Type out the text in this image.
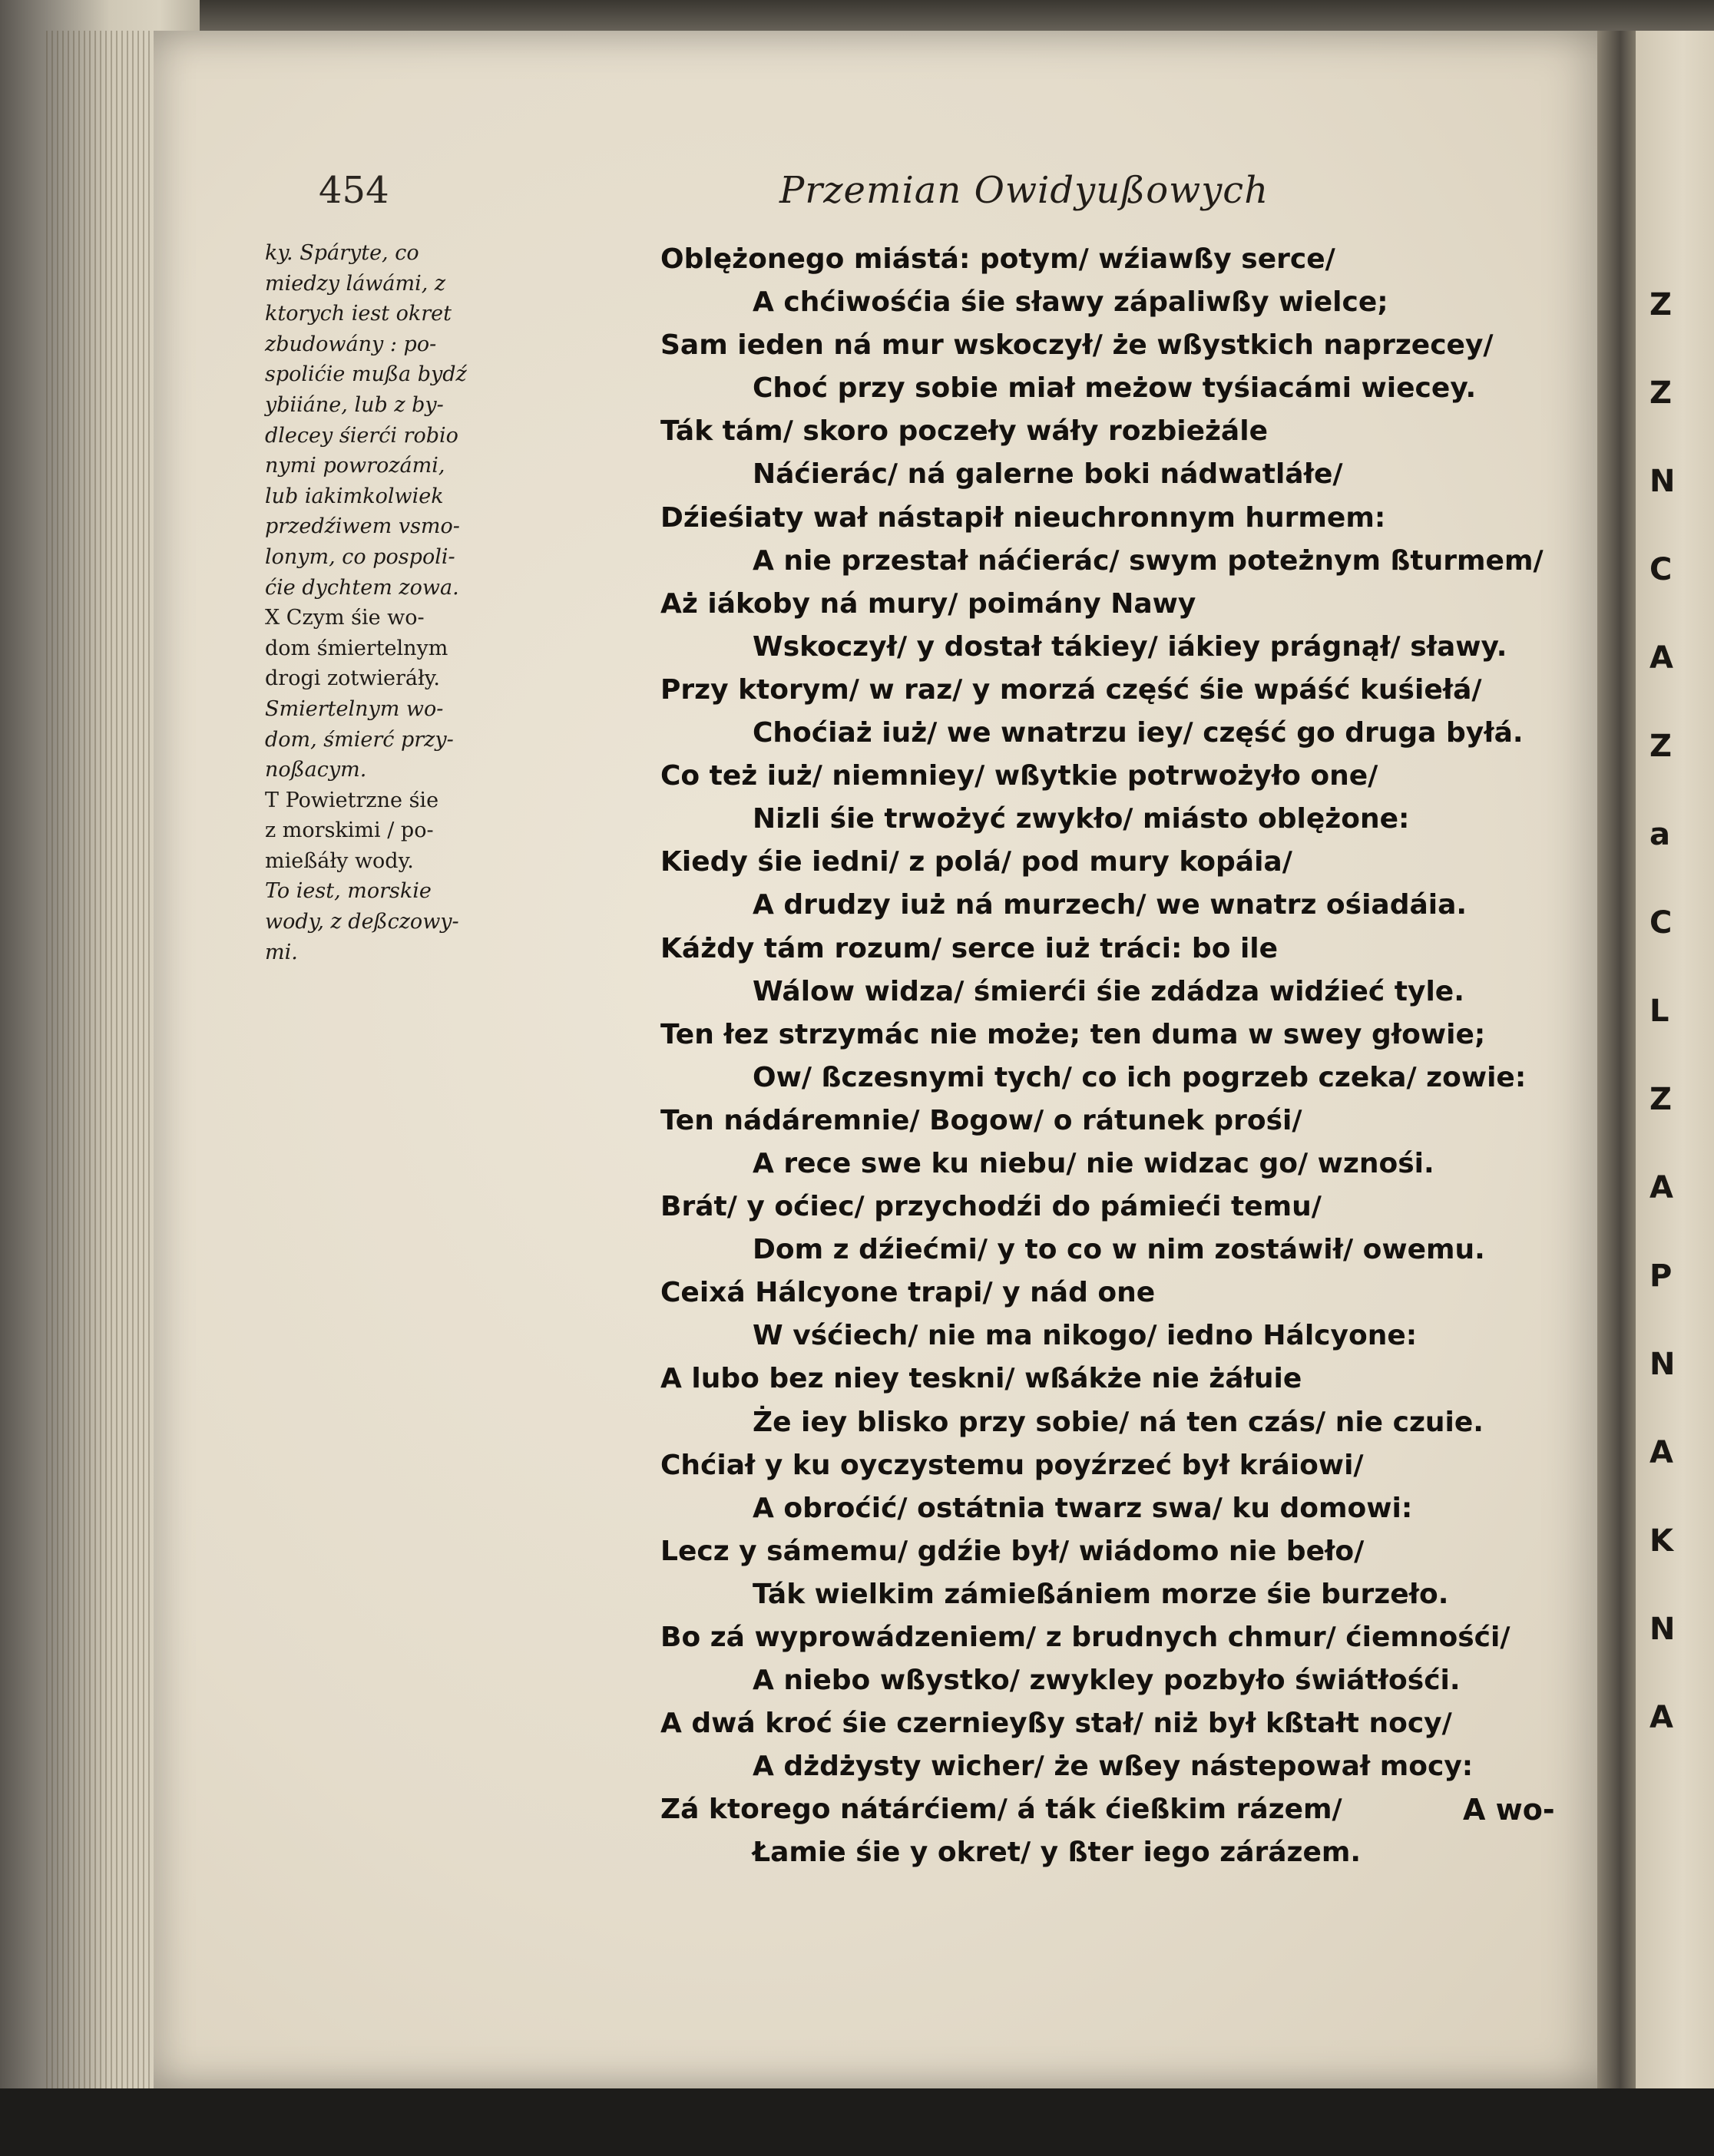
Z
Z
N
C
A
Z
a
C
L
Z
A
P
N
A
K
N
A
454	Przemian Owidyußowych
ky. Spáryte, co
miedzy láwámi, z
ktorych iest okret
zbudowány : po-
spolićie mußa bydź
ybiiáne, lub z by-
dlecey śierći robio
nymi powrozámi,
lub iakimkolwiek
przedźiwem vsmo-
lonym, co pospoli-
ćie dychtem zowa.
X Czym śie wo-
dom śmiertelnym
drogi zotwieráły.
Smiertelnym wo-
dom, śmierć przy-
noßacym.
T Powietrzne śie
z morskimi / po-
mießáły wody.
To iest, morskie
wody, z deßczowy-
mi.
Oblężonego miástá: potym/ wźiawßy serce/
A chćiwośćia śie sławy zápaliwßy wielce;
Sam ieden ná mur wskoczył/ że wßystkich naprzecey/
Choć przy sobie miał meżow tyśiacámi wiecey.
Ták tám/ skoro poczeły wáły rozbieżále
Náćierác/ ná galerne boki nádwatláłe/
Dźieśiaty wał nástapił nieuchronnym hurmem:
A nie przestał náćierác/ swym poteżnym ßturmem/
Aż iákoby ná mury/ poimány Nawy
Wskoczył/ y dostał tákiey/ iákiey prágnął/ sławy.
Przy ktorym/ w raz/ y morzá część śie wpáść kuśiełá/
Choćiaż iuż/ we wnatrzu iey/ część go druga byłá.
Co też iuż/ niemniey/ wßytkie potrwożyło one/
Nizli śie trwożyć zwykło/ miásto oblężone:
Kiedy śie iedni/ z polá/ pod mury kopáia/
A drudzy iuż ná murzech/ we wnatrz ośiadáia.
Káżdy tám rozum/ serce iuż tráci: bo ile
Wálow widza/ śmierći śie zdádza widźieć tyle.
Ten łez strzymác nie może; ten duma w swey głowie;
Ow/ ßczesnymi tych/ co ich pogrzeb czeka/ zowie:
Ten nádáremnie/ Bogow/ o rátunek prośi/
A rece swe ku niebu/ nie widzac go/ wznośi.
Brát/ y oćiec/ przychodźi do pámieći temu/
Dom z dźiećmi/ y to co w nim zostáwił/ owemu.
Ceixá Hálcyone trapi/ y nád one
W vśćiech/ nie ma nikogo/ iedno Hálcyone:
A lubo bez niey teskni/ wßákże nie żáłuie
Że iey blisko przy sobie/ ná ten czás/ nie czuie.
Chćiał y ku oyczystemu poyźrzeć był kráiowi/
A obroćić/ ostátnia twarz swa/ ku domowi:
Lecz y sámemu/ gdźie był/ wiádomo nie beło/
Ták wielkim zámießániem morze śie burzeło.
Bo zá wyprowádzeniem/ z brudnych chmur/ ćiemnośći/
A niebo wßystko/ zwykley pozbyło świátłośći.
A dwá kroć śie czernieyßy stał/ niż był kßtałt nocy/
A dżdżysty wicher/ że wßey nástepował mocy:
Zá ktorego nátárćiem/ á ták ćießkim rázem/
Łamie śie y okret/ y ßter iego zárázem.
A wo-
